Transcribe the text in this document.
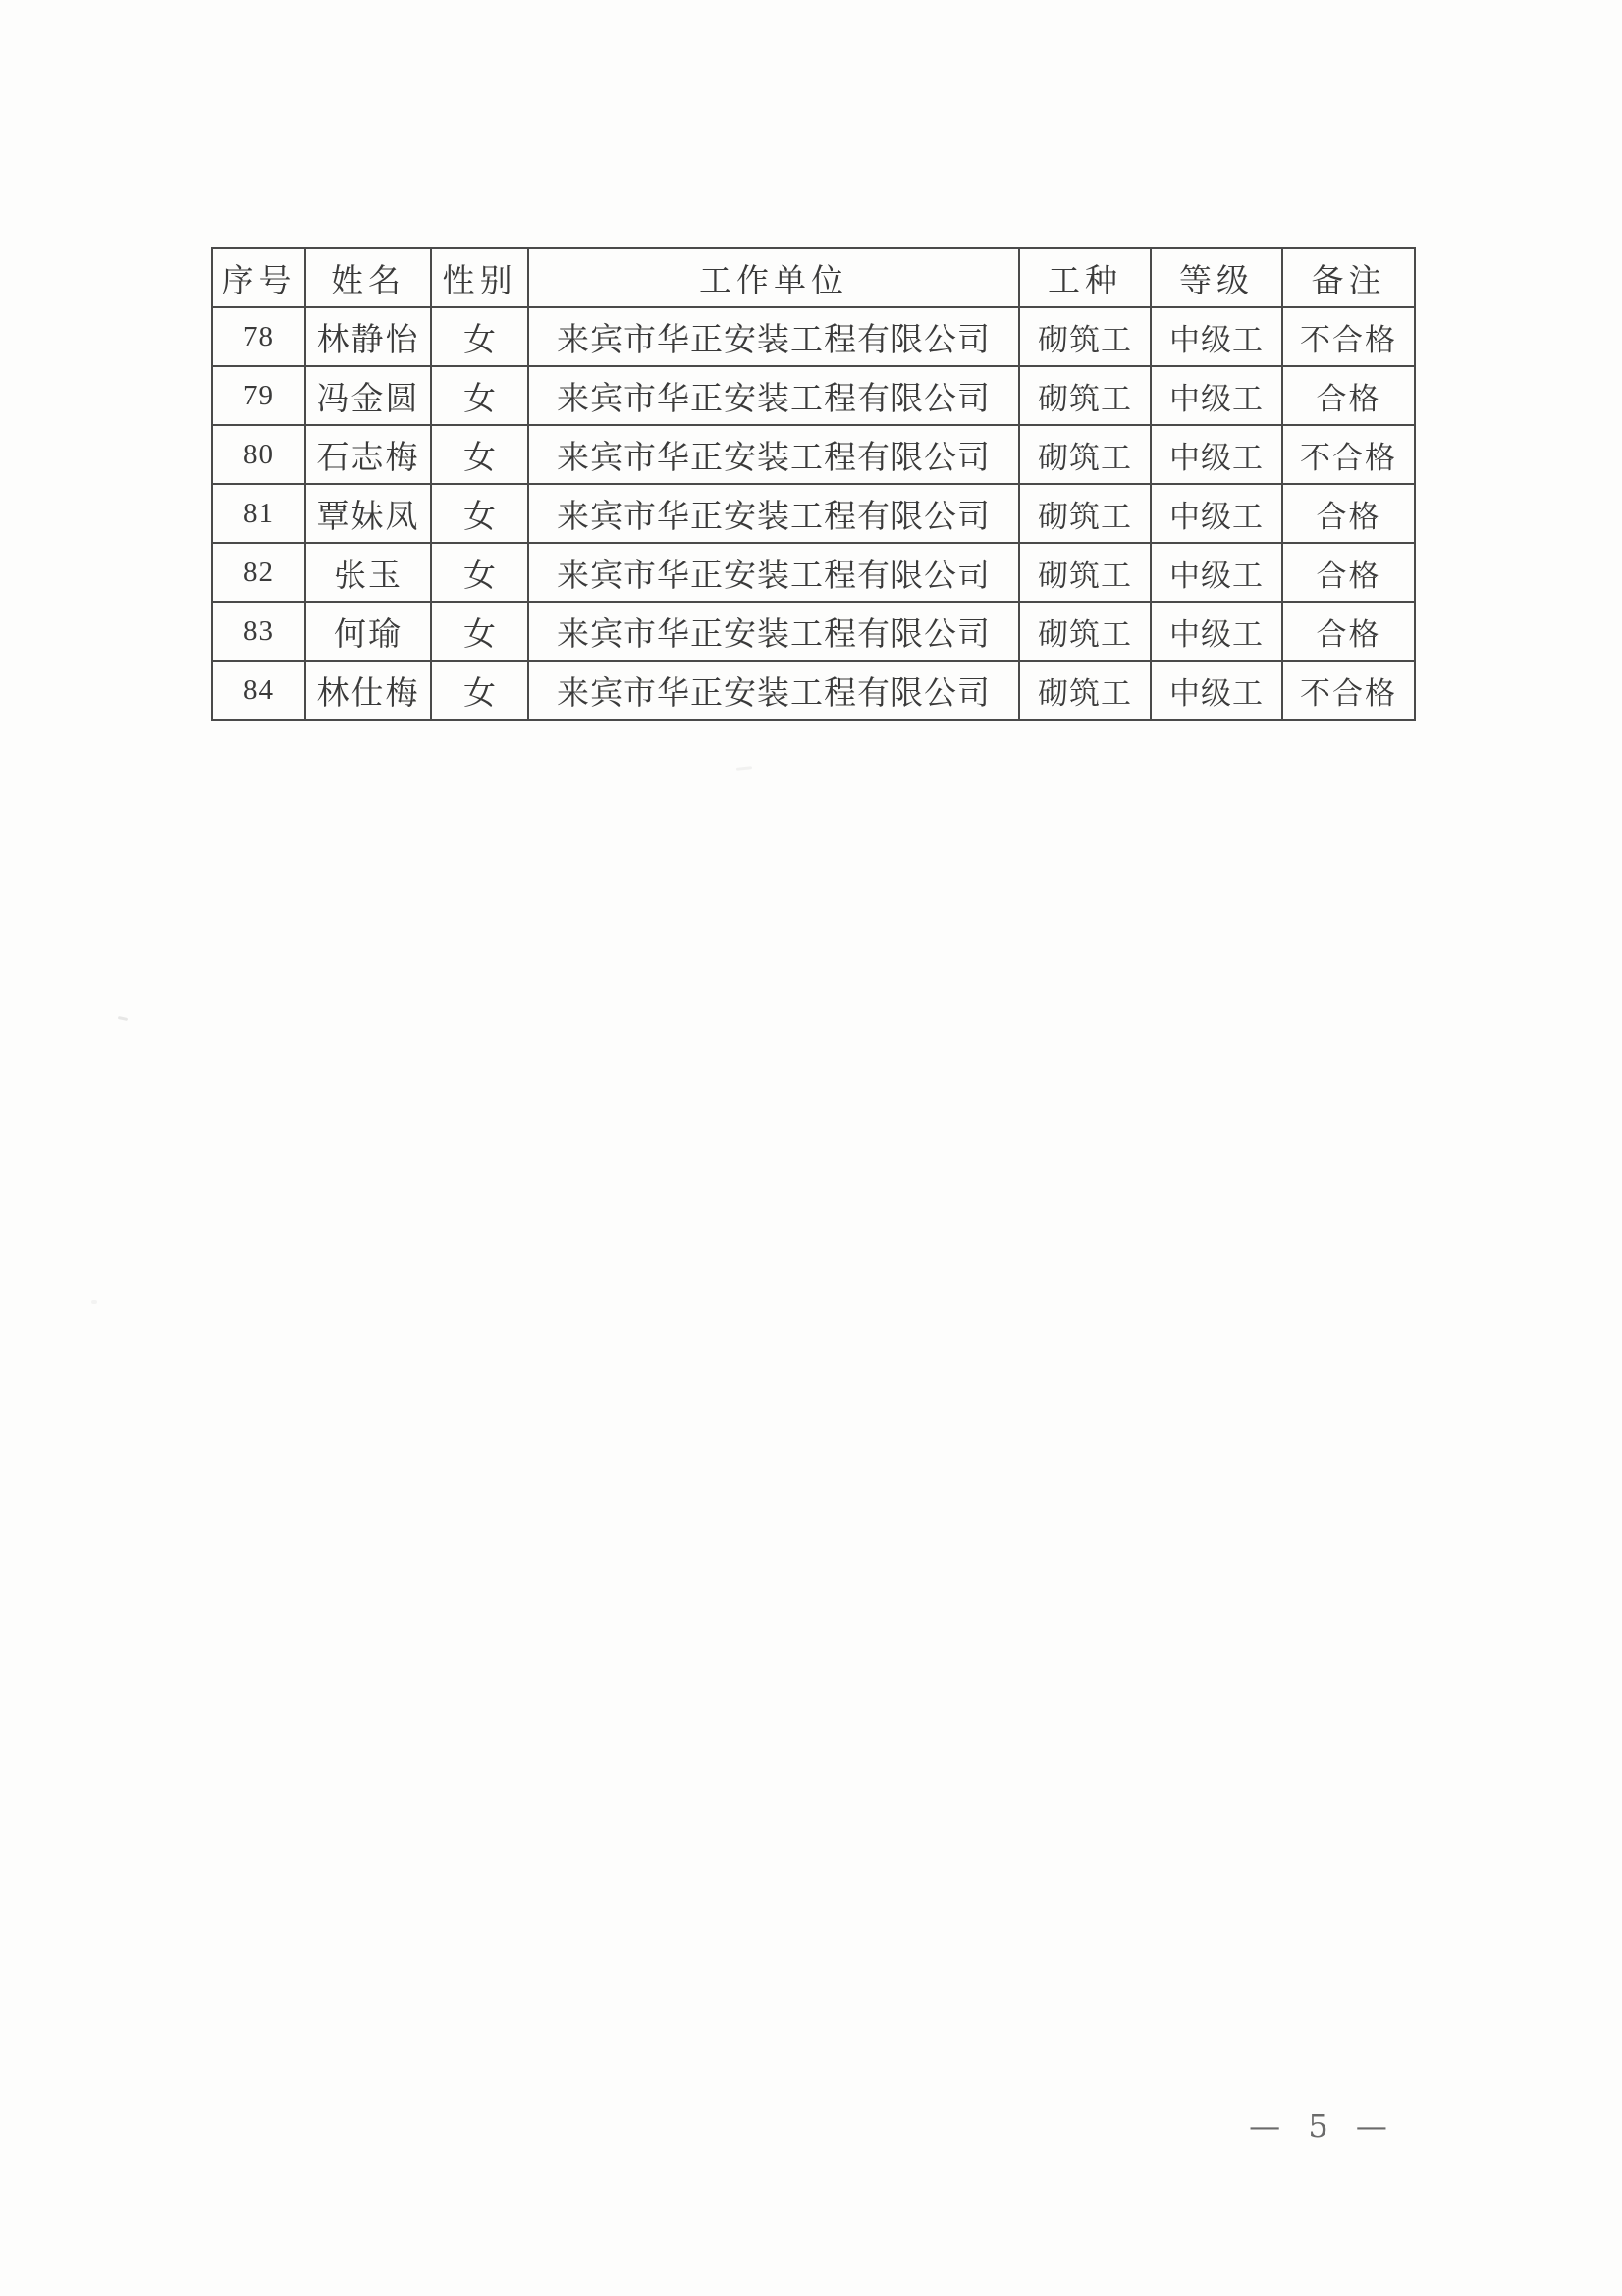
序号	姓名	性别	工作单位	工种	等级	备注
78	林静怡	女	来宾市华正安装工程有限公司	砌筑工	中级工	不合格
79	冯金圆	女	来宾市华正安装工程有限公司	砌筑工	中级工	合格
80	石志梅	女	来宾市华正安装工程有限公司	砌筑工	中级工	不合格
81	覃妹凤	女	来宾市华正安装工程有限公司	砌筑工	中级工	合格
82	张玉	女	来宾市华正安装工程有限公司	砌筑工	中级工	合格
83	何瑜	女	来宾市华正安装工程有限公司	砌筑工	中级工	合格
84	林仕梅	女	来宾市华正安装工程有限公司	砌筑工	中级工	不合格
— 5 —
